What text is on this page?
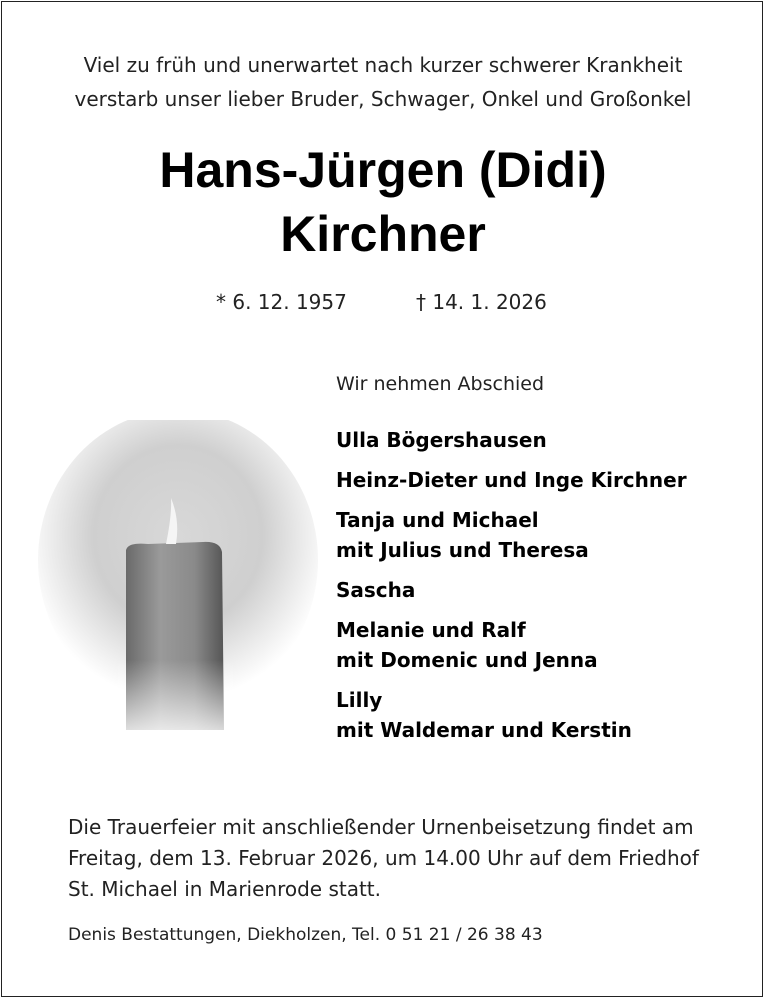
Viel zu früh und unerwartet nach kurzer schwerer Krankheit
verstarb unser lieber Bruder, Schwager, Onkel und Großonkel
Hans-Jürgen (Didi)
Kirchner
* 6. 12. 1957	† 14. 1. 2026
Wir nehmen Abschied
Ulla Bögershausen
Heinz-Dieter und Inge Kirchner
Tanja und Michael
mit Julius und Theresa
Sascha
Melanie und Ralf
mit Domenic und Jenna
Lilly
mit Waldemar und Kerstin
Die Trauerfeier mit anschließender Urnenbeisetzung findet am
Freitag, dem 13. Februar 2026, um 14.00 Uhr auf dem Friedhof
St. Michael in Marienrode statt.
Denis Bestattungen, Diekholzen, Tel. 0 51 21 / 26 38 43
